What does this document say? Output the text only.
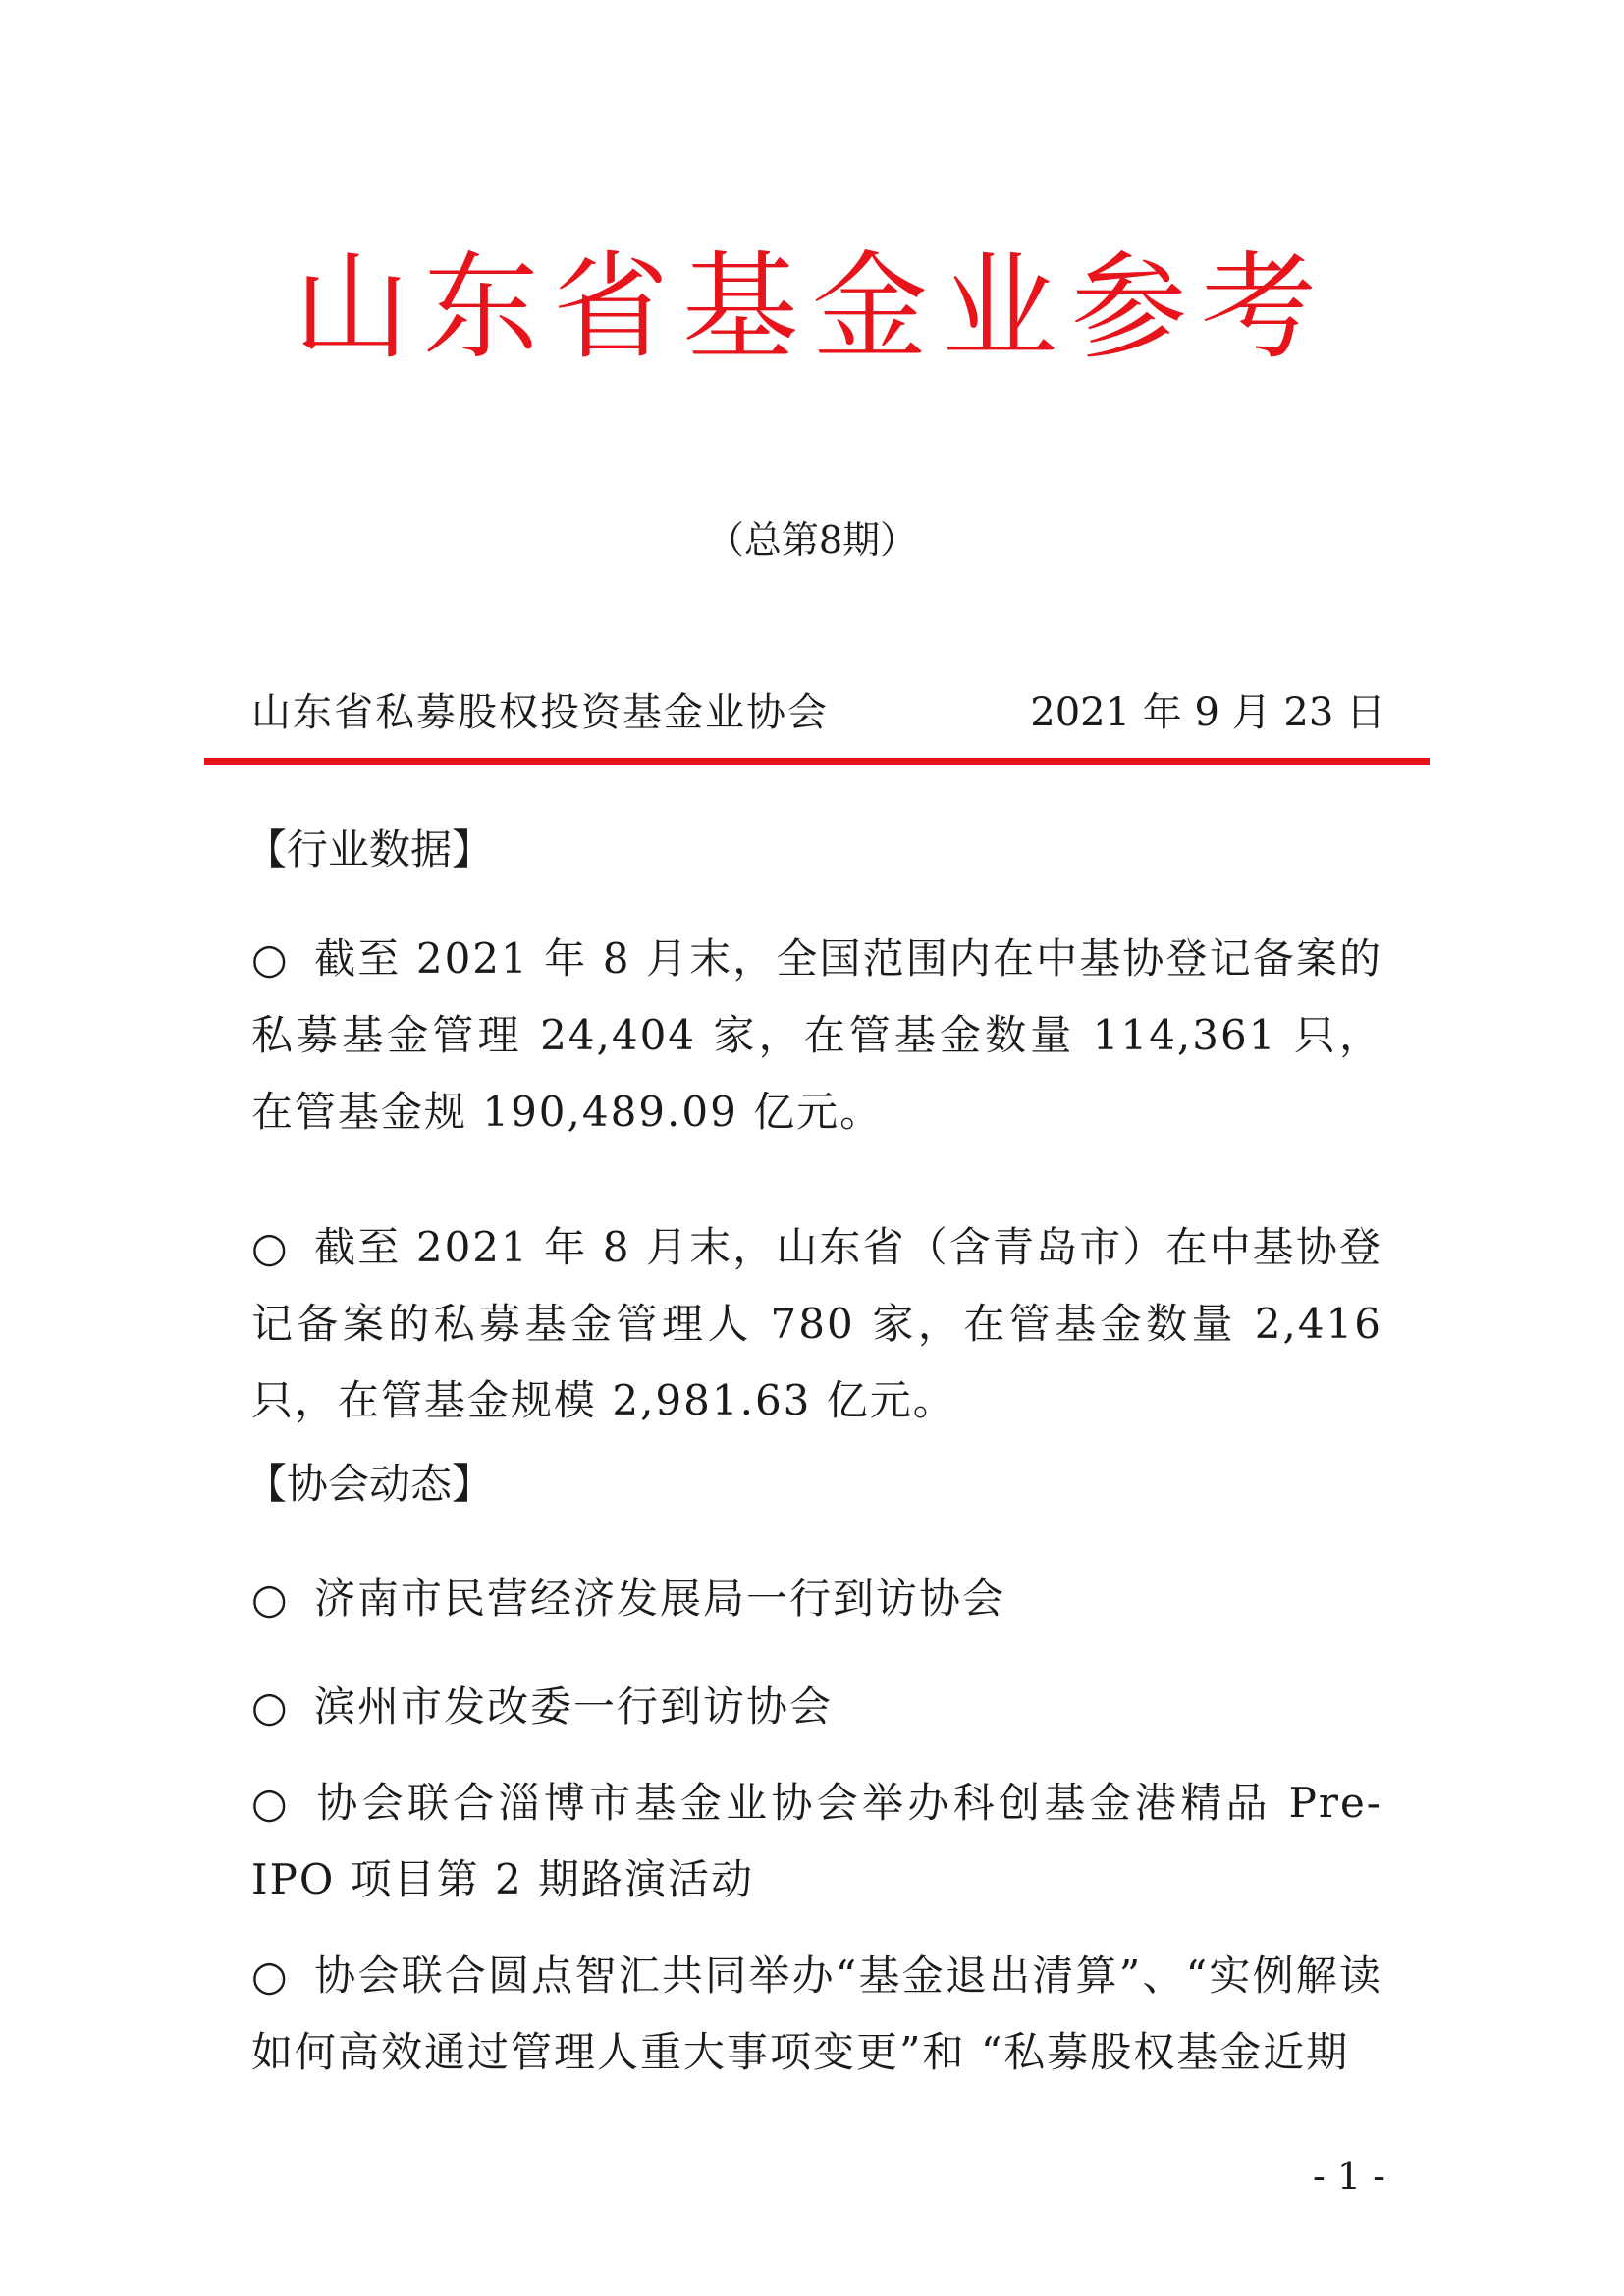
山东省基金业参考
（总第8期）
山东省私募股权投资基金业协会	2021 年 9 月 23 日
【行业数据】
○ 截至 2021 年 8 月末，全国范围内在中基协登记备案的私募基金管理 24,404 家，在管基金数量 114,361 只，在管基金规 190,489.09 亿元。
○ 截至 2021 年 8 月末，山东省（含青岛市）在中基协登记备案的私募基金管理人 780 家，在管基金数量 2,416 只，在管基金规模 2,981.63 亿元。
【协会动态】
○ 济南市民营经济发展局一行到访协会
○ 滨州市发改委一行到访协会
○ 协会联合淄博市基金业协会举办科创基金港精品 Pre-IPO 项目第 2 期路演活动
○ 协会联合圆点智汇共同举办“基金退出清算”、“实例解读如何高效通过管理人重大事项变更”和 “私募股权基金近期
- 1 -
